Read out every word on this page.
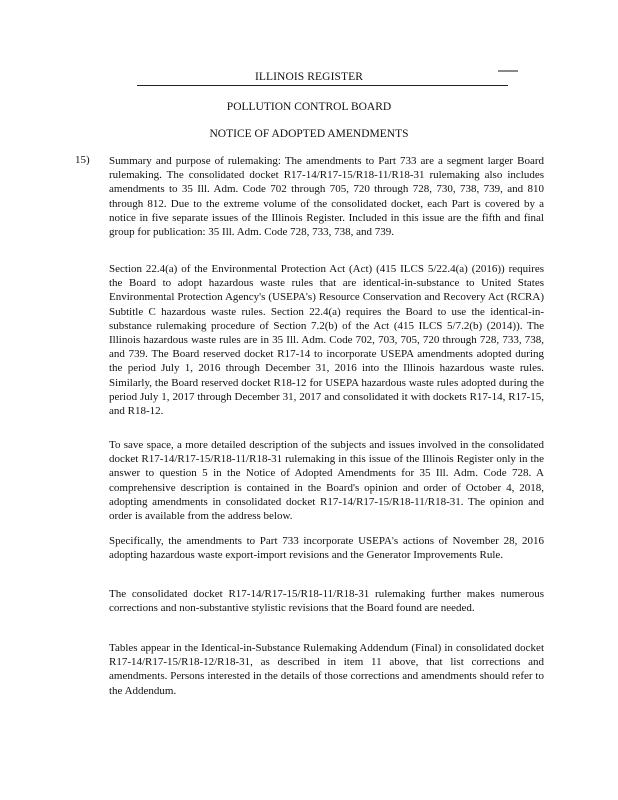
ILLINOIS REGISTER
POLLUTION CONTROL BOARD
NOTICE OF ADOPTED AMENDMENTS
15) Summary and purpose of rulemaking: The amendments to Part 733 are a segment larger Board rulemaking. The consolidated docket R17-14/R17-15/R18-11/R18-31 rulemaking also includes amendments to 35 Ill. Adm. Code 702 through 705, 720 through 728, 730, 738, 739, and 810 through 812. Due to the extreme volume of the consolidated docket, each Part is covered by a notice in five separate issues of the Illinois Register. Included in this issue are the fifth and final group for publication: 35 Ill. Adm. Code 728, 733, 738, and 739.

Section 22.4(a) of the Environmental Protection Act (Act) (415 ILCS 5/22.4(a) (2016)) requires the Board to adopt hazardous waste rules that are identical-in-substance to United States Environmental Protection Agency's (USEPA's) Resource Conservation and Recovery Act (RCRA) Subtitle C hazardous waste rules. Section 22.4(a) requires the Board to use the identical-in-substance rulemaking procedure of Section 7.2(b) of the Act (415 ILCS 5/7.2(b) (2014)). The Illinois hazardous waste rules are in 35 Ill. Adm. Code 702, 703, 705, 720 through 728, 733, 738, and 739. The Board reserved docket R17-14 to incorporate USEPA amendments adopted during the period July 1, 2016 through December 31, 2016 into the Illinois hazardous waste rules. Similarly, the Board reserved docket R18-12 for USEPA hazardous waste rules adopted during the period July 1, 2017 through December 31, 2017 and consolidated it with dockets R17-14, R17-15, and R18-12.

To save space, a more detailed description of the subjects and issues involved in the consolidated docket R17-14/R17-15/R18-11/R18-31 rulemaking in this issue of the Illinois Register only in the answer to question 5 in the Notice of Adopted Amendments for 35 Ill. Adm. Code 728. A comprehensive description is contained in the Board's opinion and order of October 4, 2018, adopting amendments in consolidated docket R17-14/R17-15/R18-11/R18-31. The opinion and order is available from the address below.

Specifically, the amendments to Part 733 incorporate USEPA's actions of November 28, 2016 adopting hazardous waste export-import revisions and the Generator Improvements Rule.

The consolidated docket R17-14/R17-15/R18-11/R18-31 rulemaking further makes numerous corrections and non-substantive stylistic revisions that the Board found are needed.

Tables appear in the Identical-in-Substance Rulemaking Addendum (Final) in consolidated docket R17-14/R17-15/R18-12/R18-31, as described in item 11 above, that list corrections and amendments. Persons interested in the details of those corrections and amendments should refer to the Addendum.
